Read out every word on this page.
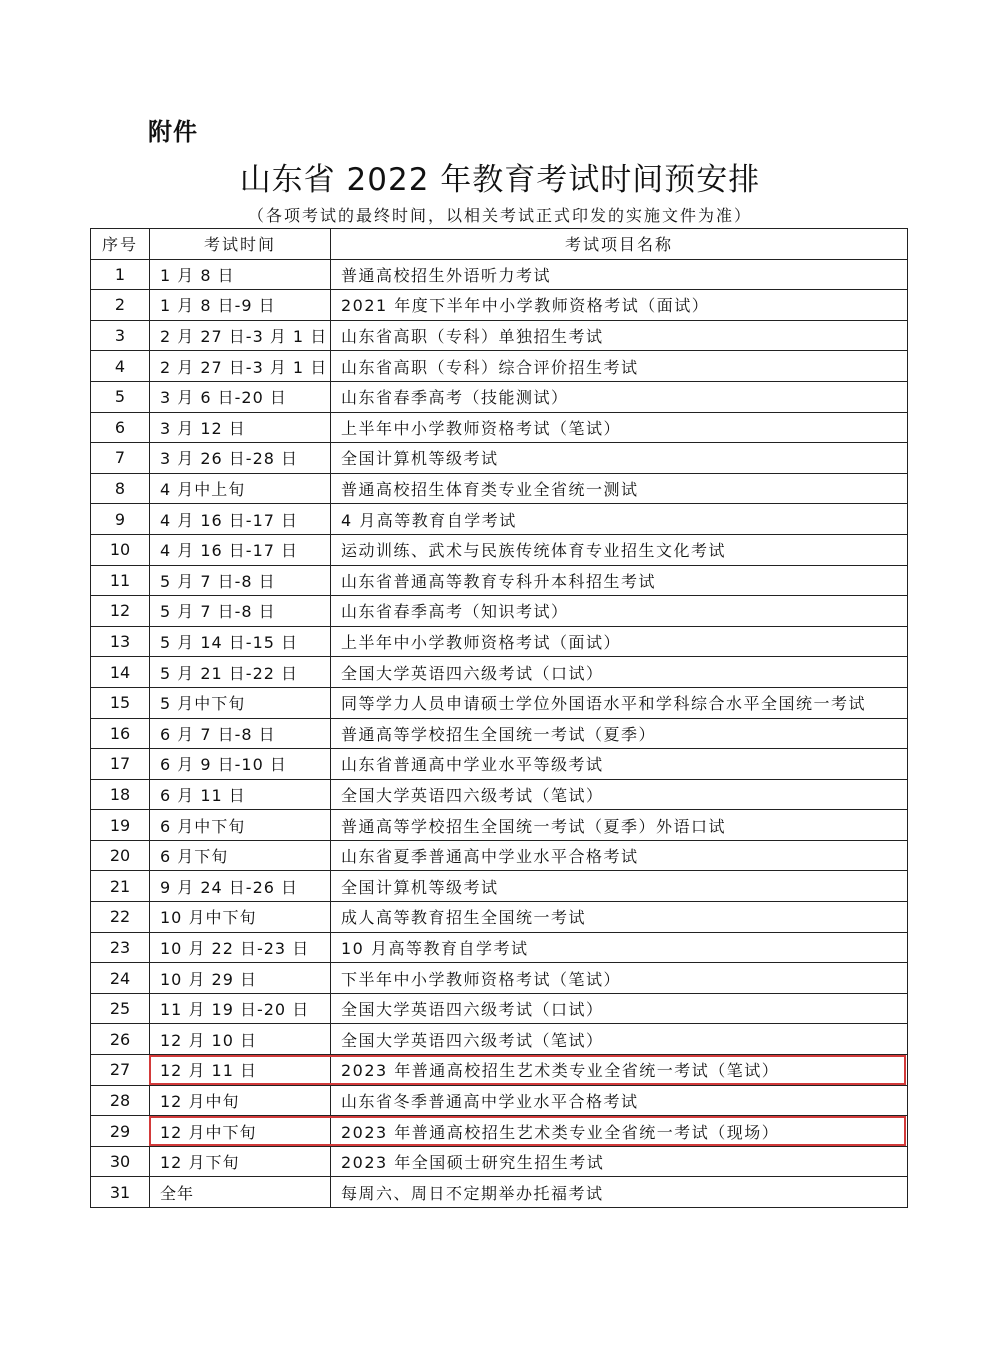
附件
山东省 2022 年教育考试时间预安排
（各项考试的最终时间，以相关考试正式印发的实施文件为准）
序号	考试时间	考试项目名称
1	1 月 8 日	普通高校招生外语听力考试
2	1 月 8 日-9 日	2021 年度下半年中小学教师资格考试（面试）
3	2 月 27 日-3 月 1 日	山东省高职（专科）单独招生考试
4	2 月 27 日-3 月 1 日	山东省高职（专科）综合评价招生考试
5	3 月 6 日-20 日	山东省春季高考（技能测试）
6	3 月 12 日	上半年中小学教师资格考试（笔试）
7	3 月 26 日-28 日	全国计算机等级考试
8	4 月中上旬	普通高校招生体育类专业全省统一测试
9	4 月 16 日-17 日	4 月高等教育自学考试
10	4 月 16 日-17 日	运动训练、武术与民族传统体育专业招生文化考试
11	5 月 7 日-8 日	山东省普通高等教育专科升本科招生考试
12	5 月 7 日-8 日	山东省春季高考（知识考试）
13	5 月 14 日-15 日	上半年中小学教师资格考试（面试）
14	5 月 21 日-22 日	全国大学英语四六级考试（口试）
15	5 月中下旬	同等学力人员申请硕士学位外国语水平和学科综合水平全国统一考试
16	6 月 7 日-8 日	普通高等学校招生全国统一考试（夏季）
17	6 月 9 日-10 日	山东省普通高中学业水平等级考试
18	6 月 11 日	全国大学英语四六级考试（笔试）
19	6 月中下旬	普通高等学校招生全国统一考试（夏季）外语口试
20	6 月下旬	山东省夏季普通高中学业水平合格考试
21	9 月 24 日-26 日	全国计算机等级考试
22	10 月中下旬	成人高等教育招生全国统一考试
23	10 月 22 日-23 日	10 月高等教育自学考试
24	10 月 29 日	下半年中小学教师资格考试（笔试）
25	11 月 19 日-20 日	全国大学英语四六级考试（口试）
26	12 月 10 日	全国大学英语四六级考试（笔试）
27	12 月 11 日	2023 年普通高校招生艺术类专业全省统一考试（笔试）
28	12 月中旬	山东省冬季普通高中学业水平合格考试
29	12 月中下旬	2023 年普通高校招生艺术类专业全省统一考试（现场）
30	12 月下旬	2023 年全国硕士研究生招生考试
31	全年	每周六、周日不定期举办托福考试
